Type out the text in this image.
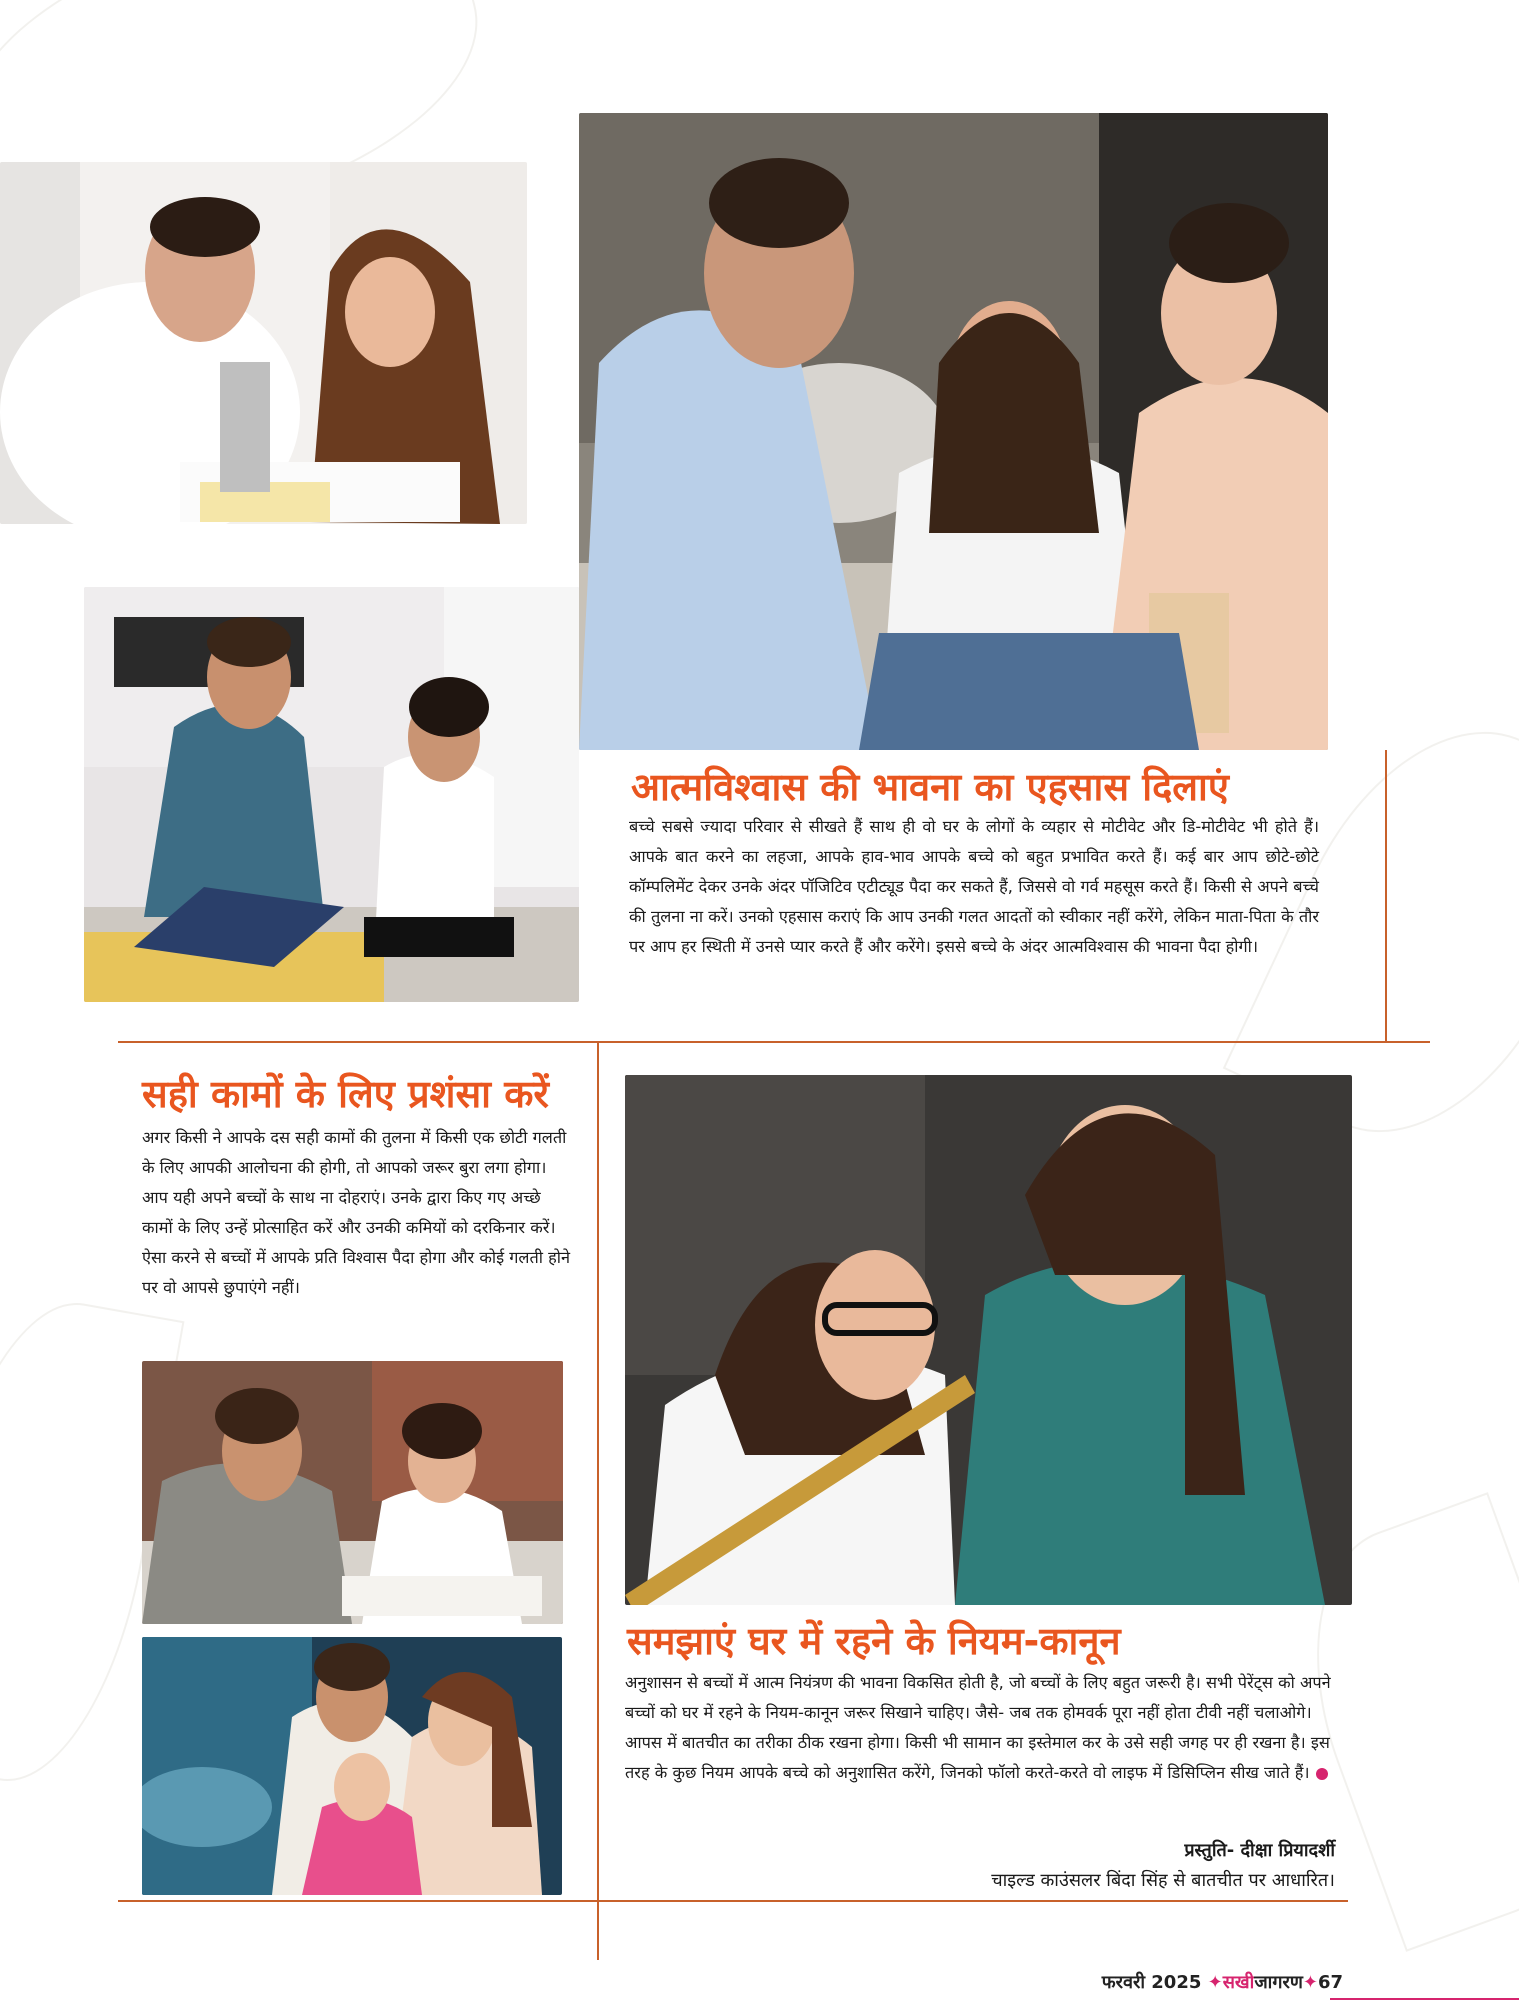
आत्मविश्वास की भावना का एहसास दिलाएं

बच्चे सबसे ज्यादा परिवार से सीखते हैं साथ ही वो घर के लोगों के व्यहार से मोटीवेट और डि-मोटीवेट भी होते हैं। आपके बात करने का लहजा, आपके हाव-भाव आपके बच्चे को बहुत प्रभावित करते हैं। कई बार आप छोटे-छोटे कॉम्पलिमेंट देकर उनके अंदर पॉजिटिव एटीट्यूड पैदा कर सकते हैं, जिससे वो गर्व महसूस करते हैं। किसी से अपने बच्चे की तुलना ना करें। उनको एहसास कराएं कि आप उनकी गलत आदतों को स्वीकार नहीं करेंगे, लेकिन माता-पिता के तौर पर आप हर स्थिती में उनसे प्यार करते हैं और करेंगे। इससे बच्चे के अंदर आत्मविश्वास की भावना पैदा होगी।

सही कामों के लिए प्रशंसा करें

अगर किसी ने आपके दस सही कामों की तुलना में किसी एक छोटी गलती के लिए आपकी आलोचना की होगी, तो आपको जरूर बुरा लगा होगा। आप यही अपने बच्चों के साथ ना दोहराएं। उनके द्वारा किए गए अच्छे कामों के लिए उन्हें प्रोत्साहित करें और उनकी कमियों को दरकिनार करें। ऐसा करने से बच्चों में आपके प्रति विश्वास पैदा होगा और कोई गलती होने पर वो आपसे छुपाएंगे नहीं।

समझाएं घर में रहने के नियम-कानून

अनुशासन से बच्चों में आत्म नियंत्रण की भावना विकसित होती है, जो बच्चों के लिए बहुत जरूरी है। सभी पेरेंट्स को अपने बच्चों को घर में रहने के नियम-कानून जरूर सिखाने चाहिए। जैसे- जब तक होमवर्क पूरा नहीं होता टीवी नहीं चलाओगे। आपस में बातचीत का तरीका ठीक रखना होगा। किसी भी सामान का इस्तेमाल कर के उसे सही जगह पर ही रखना है। इस तरह के कुछ नियम आपके बच्चे को अनुशासित करेंगे, जिनको फॉलो करते-करते वो लाइफ में डिसिप्लिन सीख जाते हैं।

प्रस्तुति- दीक्षा प्रियादर्शी
चाइल्ड काउंसलर बिंदा सिंह से बातचीत पर आधारित।
फरवरी 2025 ✦सखीजागरण✦67
